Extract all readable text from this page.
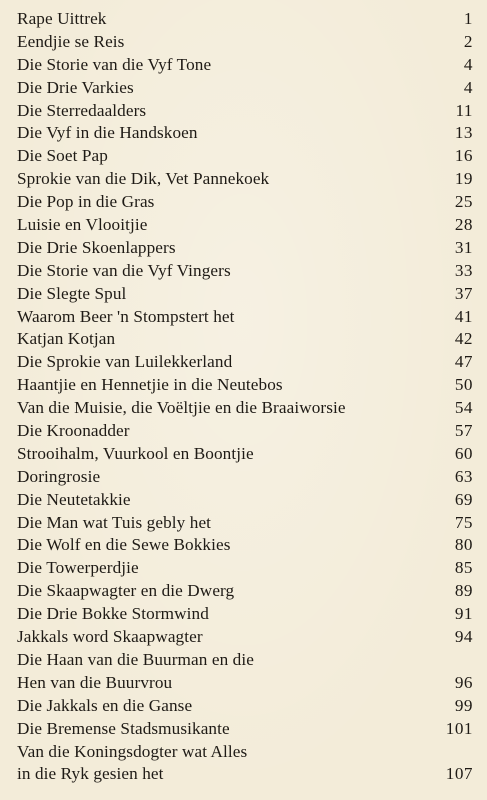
Rape Uittrek	1
Eendjie se Reis	2
Die Storie van die Vyf Tone	4
Die Drie Varkies	4
Die Sterredaalders	11
Die Vyf in die Handskoen	13
Die Soet Pap	16
Sprokie van die Dik, Vet Pannekoek	19
Die Pop in die Gras	25
Luisie en Vlooitjie	28
Die Drie Skoenlappers	31
Die Storie van die Vyf Vingers	33
Die Slegte Spul	37
Waarom Beer 'n Stompstert het	41
Katjan Kotjan	42
Die Sprokie van Luilekkerland	47
Haantjie en Hennetjie in die Neutebos	50
Van die Muisie, die Voëltjie en die Braaiworsie	54
Die Kroonadder	57
Strooihalm, Vuurkool en Boontjie	60
Doringrosie	63
Die Neutetakkie	69
Die Man wat Tuis gebly het	75
Die Wolf en die Sewe Bokkies	80
Die Towerperdjie	85
Die Skaapwagter en die Dwerg	89
Die Drie Bokke Stormwind	91
Jakkals word Skaapwagter	94
Die Haan van die Buurman en die
Hen van die Buurvrou	96
Die Jakkals en die Ganse	99
Die Bremense Stadsmusikante	101
Van die Koningsdogter wat Alles
in die Ryk gesien het	107
